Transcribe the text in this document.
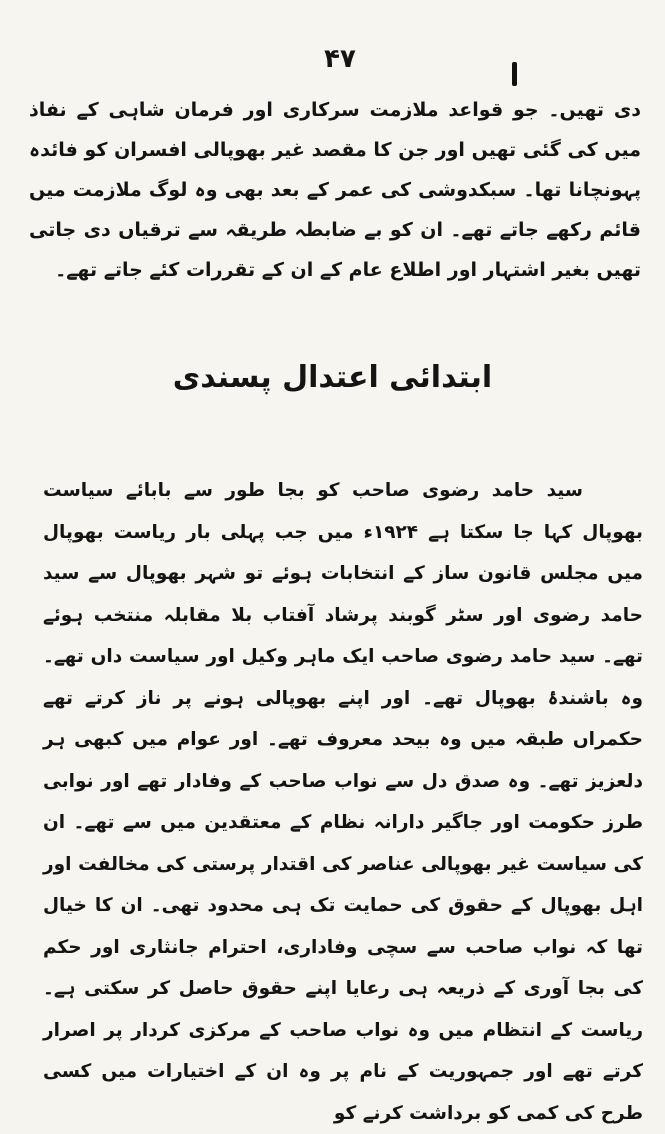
۴۷

دی تھیں۔ جو قواعد ملازمت سرکاری اور فرمان شاہی کے نفاذ میں کی گئی تھیں اور جن کا مقصد غیر بھوپالی افسران کو فائدہ پہونچانا تھا۔ سبکدوشی کی عمر کے بعد بھی وہ لوگ ملازمت میں قائم رکھے جاتے تھے۔ ان کو بے ضابطہ طریقہ سے ترقیاں دی جاتی تھیں بغیر اشتہار اور اطلاع عام کے ان کے تقررات کئے جاتے تھے۔

ابتدائی اعتدال پسندی

سید حامد رضوی صاحب کو بجا طور سے بابائے سیاست بھوپال کہا جا سکتا ہے ۱۹۲۴ء میں جب پہلی بار ریاست بھوپال میں مجلس قانون ساز کے انتخابات ہوئے تو شہر بھوپال سے سید حامد رضوی اور سٹر گوبند پرشاد آفتاب بلا مقابلہ منتخب ہوئے تھے۔ سید حامد رضوی صاحب ایک ماہر وکیل اور سیاست داں تھے۔ وہ باشندۂ بھوپال تھے۔ اور اپنے بھوپالی ہونے پر ناز کرتے تھے حکمراں طبقہ میں وہ بیحد معروف تھے۔ اور عوام میں کبھی ہر دلعزیز تھے۔ وہ صدق دل سے نواب صاحب کے وفادار تھے اور نوابی طرز حکومت اور جاگیر دارانہ نظام کے معتقدین میں سے تھے۔ ان کی سیاست غیر بھوپالی عناصر کی اقتدار پرستی کی مخالفت اور اہل بھوپال کے حقوق کی حمایت تک ہی محدود تھی۔ ان کا خیال تھا کہ نواب صاحب سے سچی وفاداری، احترام جانثاری اور حکم کی بجا آوری کے ذریعہ ہی رعایا اپنے حقوق حاصل کر سکتی ہے۔ ریاست کے انتظام میں وہ نواب صاحب کے مرکزی کردار پر اصرار کرتے تھے اور جمہوریت کے نام پر وہ ان کے اختیارات میں کسی طرح کی کمی کو برداشت کرنے کو
